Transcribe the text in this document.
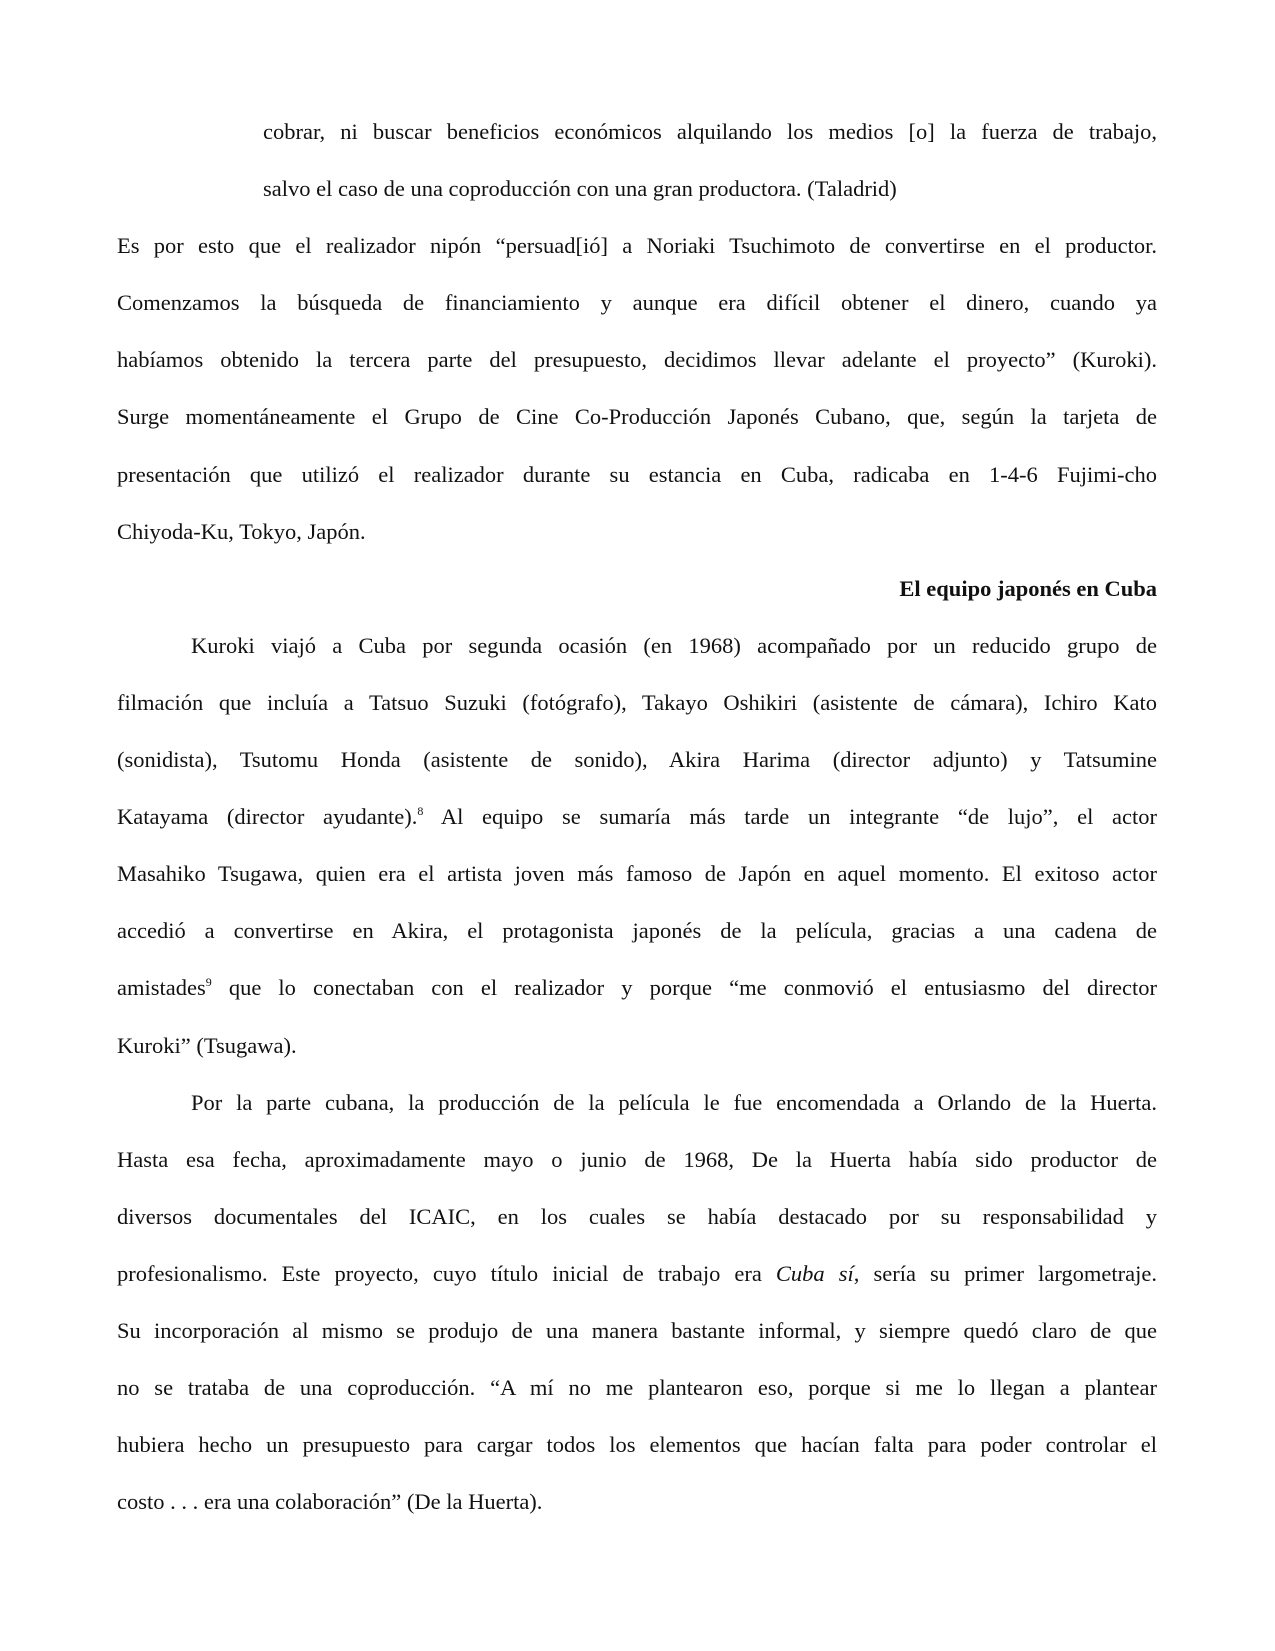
cobrar, ni buscar beneficios económicos alquilando los medios [o] la fuerza de trabajo,
salvo el caso de una coproducción con una gran productora. (Taladrid)
Es por esto que el realizador nipón “persuad[ió] a Noriaki Tsuchimoto de convertirse en el productor.
Comenzamos la búsqueda de financiamiento y aunque era difícil obtener el dinero, cuando ya
habíamos obtenido la tercera parte del presupuesto, decidimos llevar adelante el proyecto” (Kuroki).
Surge momentáneamente el Grupo de Cine Co-Producción Japonés Cubano, que, según la tarjeta de
presentación que utilizó el realizador durante su estancia en Cuba, radicaba en 1-4-6 Fujimi-cho
Chiyoda-Ku, Tokyo, Japón.
El equipo japonés en Cuba
Kuroki viajó a Cuba por segunda ocasión (en 1968) acompañado por un reducido grupo de
filmación que incluía a Tatsuo Suzuki (fotógrafo), Takayo Oshikiri (asistente de cámara), Ichiro Kato
(sonidista), Tsutomu Honda (asistente de sonido), Akira Harima (director adjunto) y Tatsumine
Katayama (director ayudante).$^8$ Al equipo se sumaría más tarde un integrante “de lujo”, el actor
Masahiko Tsugawa, quien era el artista joven más famoso de Japón en aquel momento. El exitoso actor
accedió a convertirse en Akira, el protagonista japonés de la película, gracias a una cadena de
amistades$^9$ que lo conectaban con el realizador y porque “me conmovió el entusiasmo del director
Kuroki” (Tsugawa).
Por la parte cubana, la producción de la película le fue encomendada a Orlando de la Huerta.
Hasta esa fecha, aproximadamente mayo o junio de 1968, De la Huerta había sido productor de
diversos documentales del ICAIC, en los cuales se había destacado por su responsabilidad y
profesionalismo. Este proyecto, cuyo título inicial de trabajo era Cuba sí, sería su primer largometraje.
Su incorporación al mismo se produjo de una manera bastante informal, y siempre quedó claro de que
no se trataba de una coproducción. “A mí no me plantearon eso, porque si me lo llegan a plantear
hubiera hecho un presupuesto para cargar todos los elementos que hacían falta para poder controlar el
costo . . . era una colaboración” (De la Huerta).
